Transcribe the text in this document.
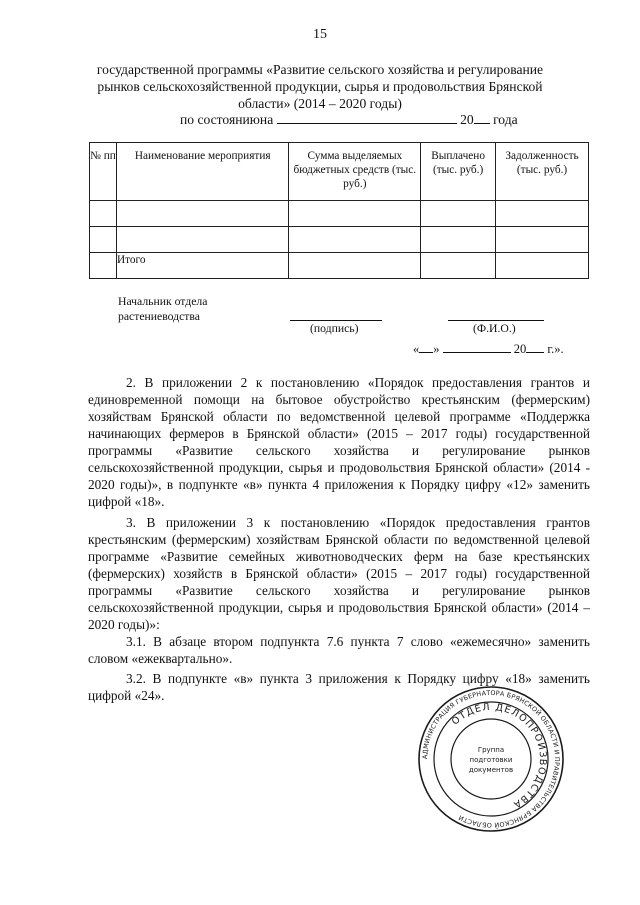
15
государственной программы «Развитие сельского хозяйства и регулирование
рынков сельскохозяйственной продукции, сырья и продовольствия Брянской
области» (2014 – 2020 годы)
по состояниюна	20 года
№ пп	Наименование мероприятия	Сумма выделяемых бюджетных средств (тыс. руб.)	Выплачено (тыс. руб.)	Задолженность (тыс. руб.)

	Итого			
Начальник отдела
растениеводства
(подпись)	(Ф.И.О.)
« »	20 г.».

2. В приложении 2 к постановлению «Порядок предоставления грантов и единовременной помощи на бытовое обустройство крестьянским (фермерским) хозяйствам Брянской области по ведомственной целевой программе «Поддержка начинающих фермеров в Брянской области» (2015 – 2017 годы) государственной программы «Развитие сельского хозяйства и регулирование рынков сельскохозяйственной продукции, сырья и продовольствия Брянской области» (2014 - 2020 годы)», в подпункте «в» пункта 4 приложения к Порядку цифру «12» заменить цифрой «18».

3. В приложении 3 к постановлению «Порядок предоставления грантов крестьянским (фермерским) хозяйствам Брянской области по ведомственной целевой программе «Развитие семейных животноводческих ферм на базе крестьянских (фермерских) хозяйств в Брянской области» (2015 – 2017 годы) государственной программы «Развитие сельского хозяйства и регулирование рынков сельскохозяйственной продукции, сырья и продовольствия Брянской области» (2014 – 2020 годы)»:

3.1. В абзаце втором подпункта 7.6 пункта 7 слово «ежемесячно» заменить словом «ежеквартально».

3.2. В подпункте «в» пункта 3 приложения к Порядку цифру «18» заменить цифрой «24».

АДМИНИСТРАЦИЯ ГУБЕРНАТОРА БРЯНСКОЙ ОБЛАСТИ И ПРАВИТЕЛЬСТВА БРЯНСКОЙ ОБЛАСТИ
ОТДЕЛ ДЕЛОПРОИЗВОДСТВА
Группа
подготовки
документов
